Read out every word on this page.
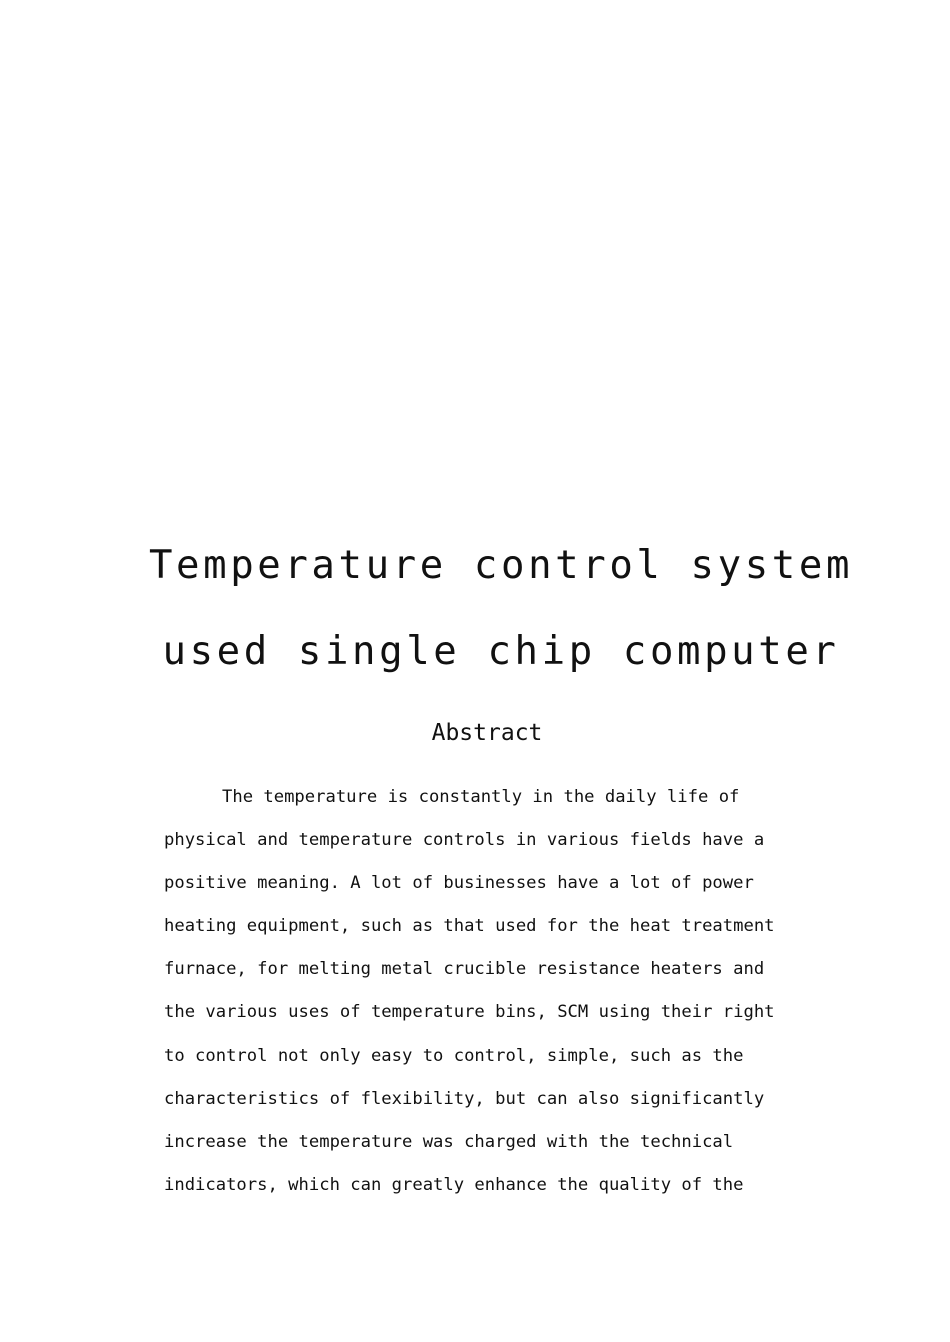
Temperature control system
used single chip computer
Abstract
The temperature is constantly in the daily life of
physical and temperature controls in various fields have a
positive meaning. A lot of businesses have a lot of power
heating equipment, such as that used for the heat treatment
furnace, for melting metal crucible resistance heaters and
the various uses of temperature bins, SCM using their right
to control not only easy to control, simple, such as the
characteristics of flexibility, but can also significantly
increase the temperature was charged with the technical
indicators, which can greatly enhance the quality of the
